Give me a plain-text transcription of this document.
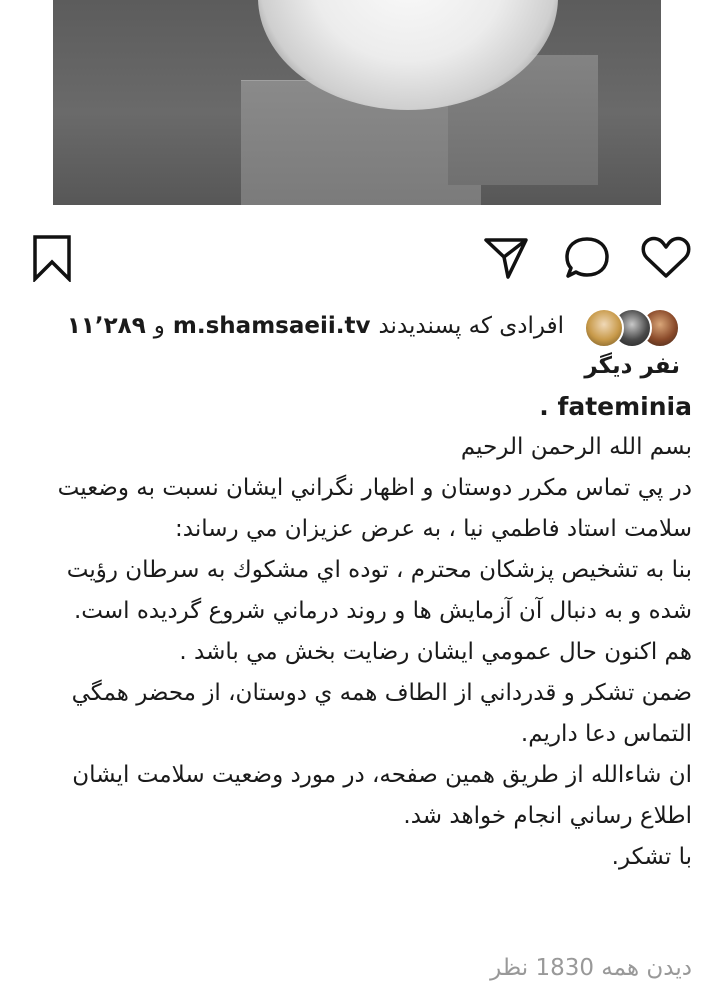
افرادی که پسندیدند m.shamsaeii.tv و ۱۱٬۲۸۹ نفر دیگر
fateminia .

بسم الله الرحمن الرحيم

در پي تماس مكرر دوستان و اظهار نگراني ايشان نسبت به وضعيت سلامت استاد فاطمي نيا ، به عرض عزيزان مي رساند:

بنا به تشخيص پزشكان محترم ، توده اي مشكوك به سرطان رؤيت شده و به دنبال آن آزمايش ها و روند درماني شروع گرديده است.

هم اكنون حال عمومي ايشان رضايت بخش مي باشد .

ضمن تشكر و قدرداني از الطاف همه ي دوستان، از محضر همگي التماس دعا داريم.

ان شاءالله از طريق همين صفحه، در مورد وضعيت سلامت ايشان اطلاع رساني انجام خواهد شد.

با تشكر.

دیدن همه 1830 نظر
